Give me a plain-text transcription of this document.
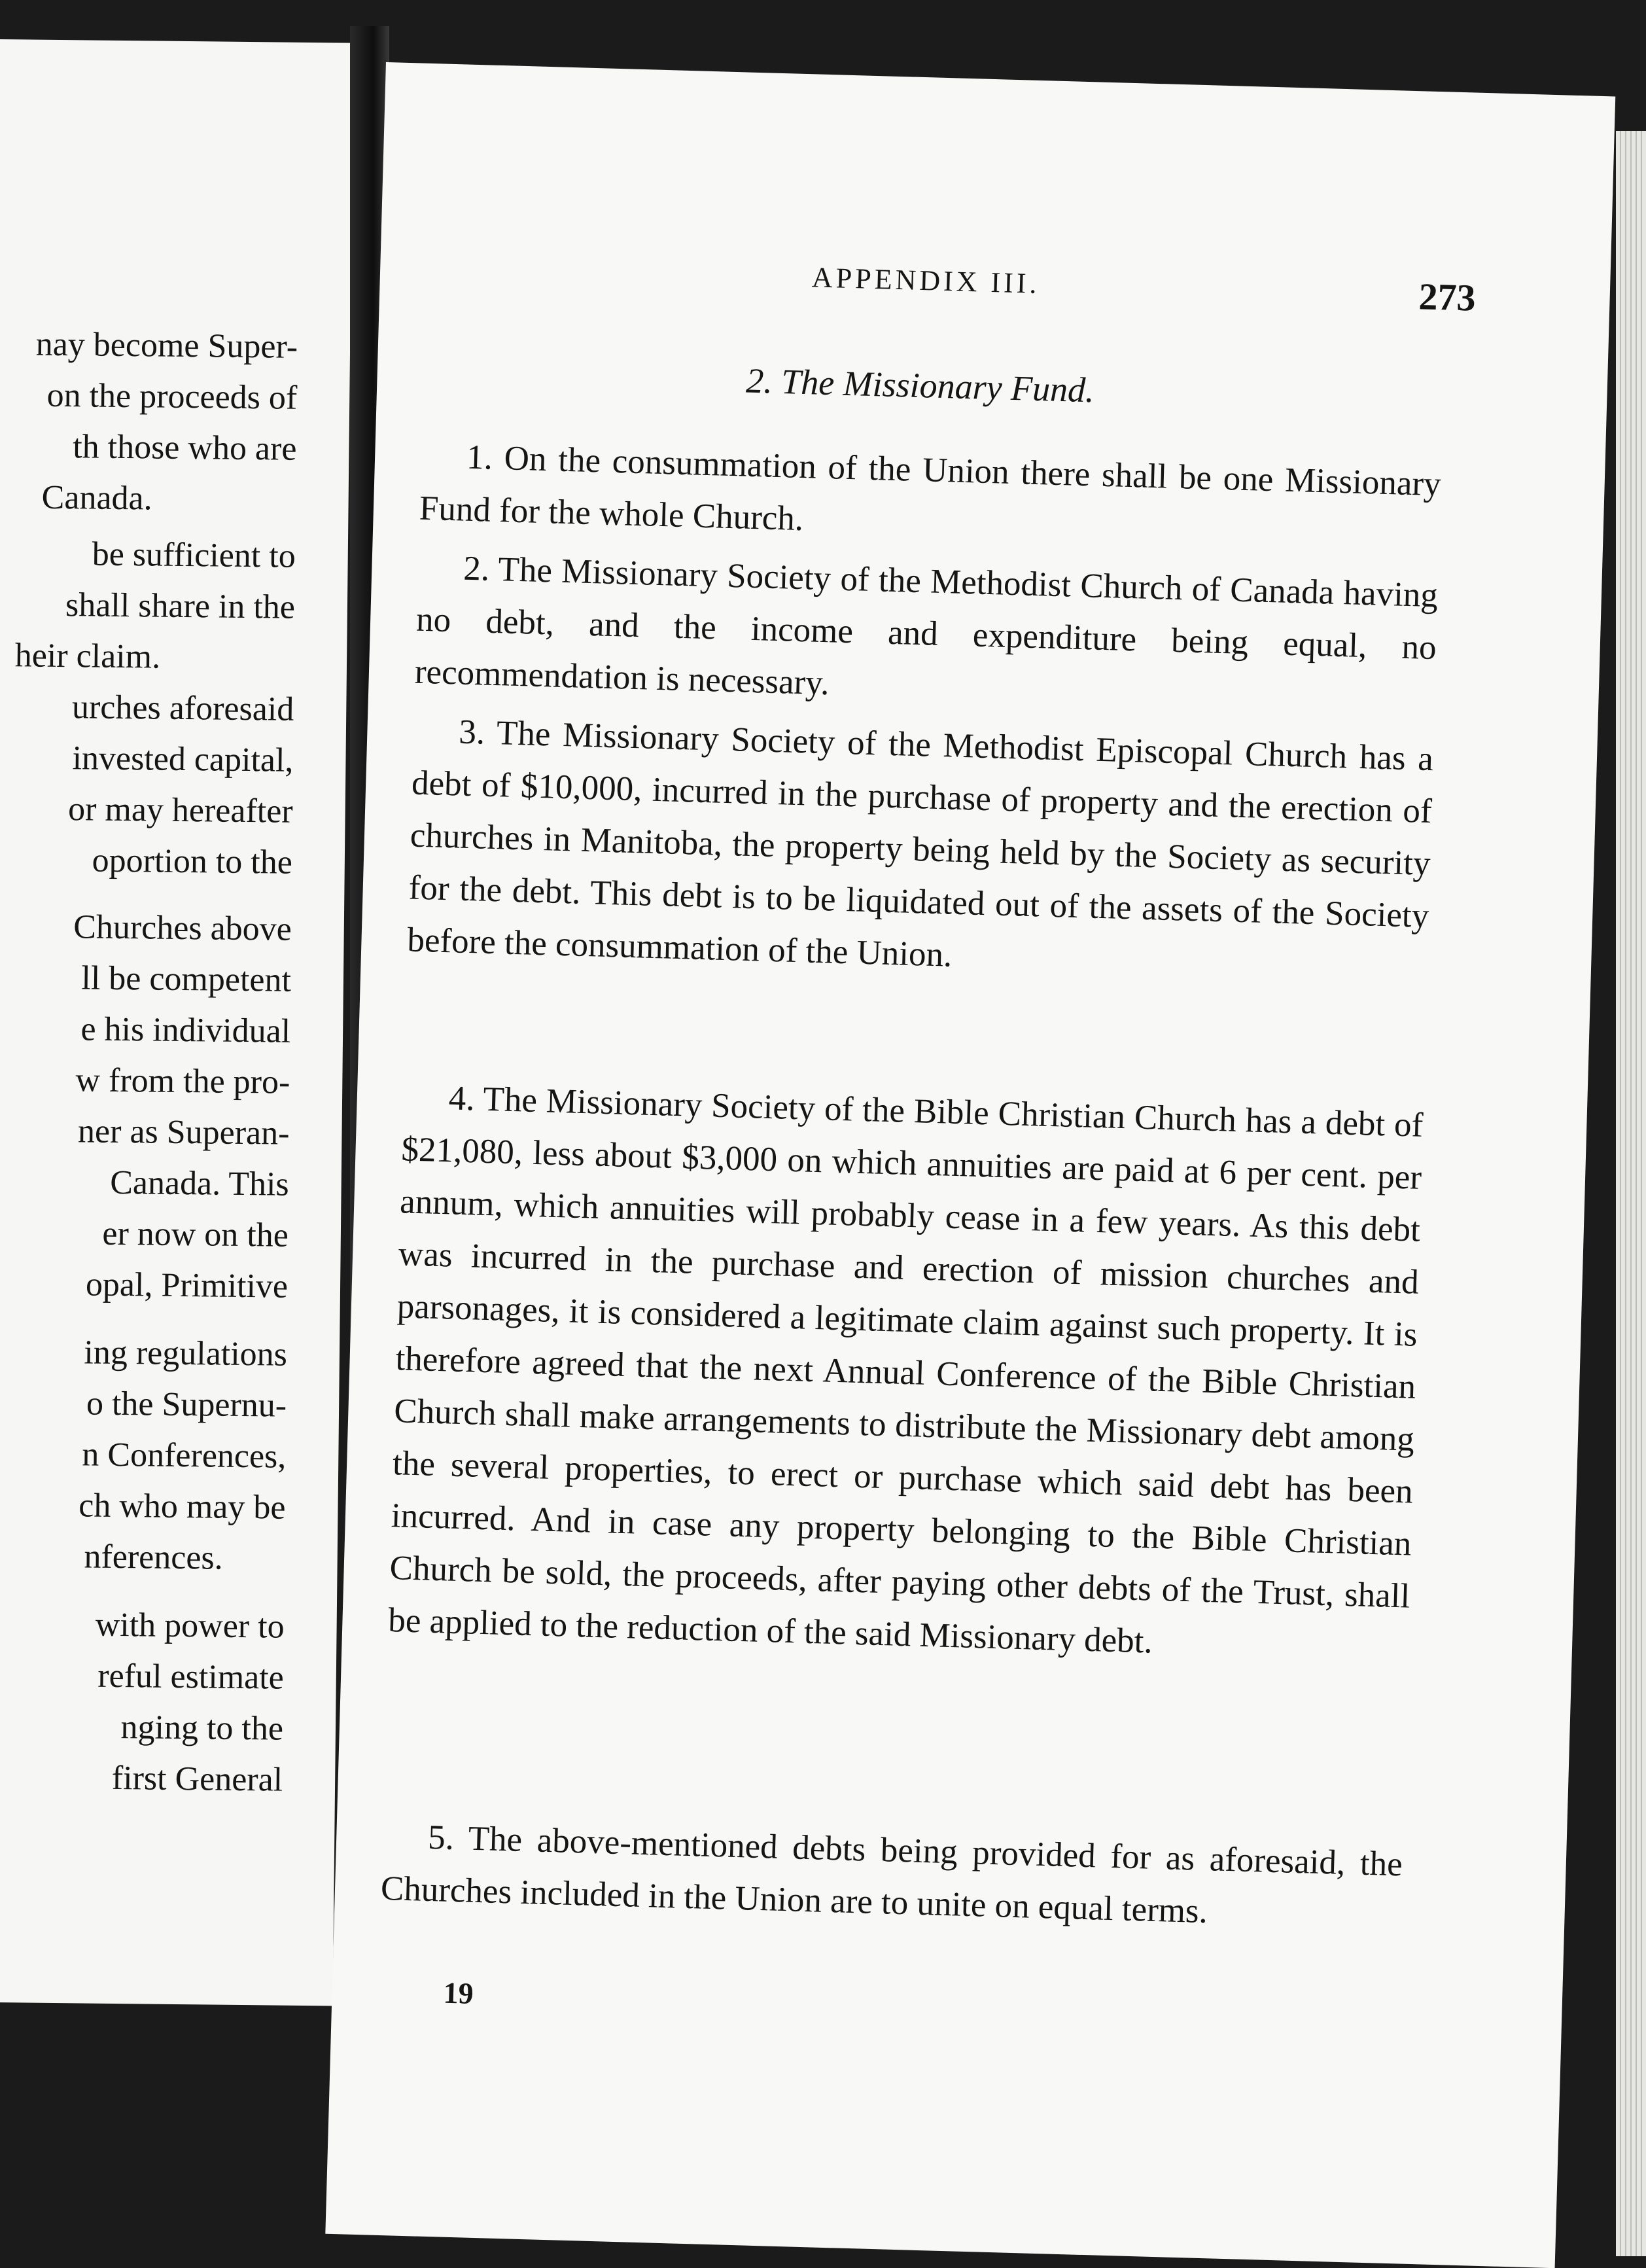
nay become Super-
on the proceeds of
th those who are
Canada.
be sufficient to
shall share in the
heir claim.
urches aforesaid
invested capital,
or may hereafter
oportion to the
Churches above
ll be competent
e his individual
w from the pro-
ner as Superan-
Canada. This
er now on the
opal, Primitive
ing regulations
o the Supernu-
n Conferences,
ch who may be
nferences.
with power to
reful estimate
nging to the
first General
APPENDIX III.	273
2. The Missionary Fund.

1. On the consummation of the Union there shall be one Missionary Fund for the whole Church.

2. The Missionary Society of the Methodist Church of Canada having no debt, and the income and expenditure being equal, no recommendation is necessary.

3. The Missionary Society of the Methodist Episcopal Church has a debt of $10,000, incurred in the purchase of property and the erection of churches in Manitoba, the property being held by the Society as security for the debt. This debt is to be liquidated out of the assets of the Society before the consummation of the Union.

4. The Missionary Society of the Bible Christian Church has a debt of $21,080, less about $3,000 on which annuities are paid at 6 per cent. per annum, which annuities will probably cease in a few years. As this debt was incurred in the purchase and erection of mission churches and parsonages, it is considered a legitimate claim against such property. It is therefore agreed that the next Annual Conference of the Bible Christian Church shall make arrangements to distribute the Missionary debt among the several properties, to erect or purchase which said debt has been incurred. And in case any property belonging to the Bible Christian Church be sold, the proceeds, after paying other debts of the Trust, shall be applied to the reduction of the said Missionary debt.

5. The above-mentioned debts being provided for as aforesaid, the Churches included in the Union are to unite on equal terms.

19
